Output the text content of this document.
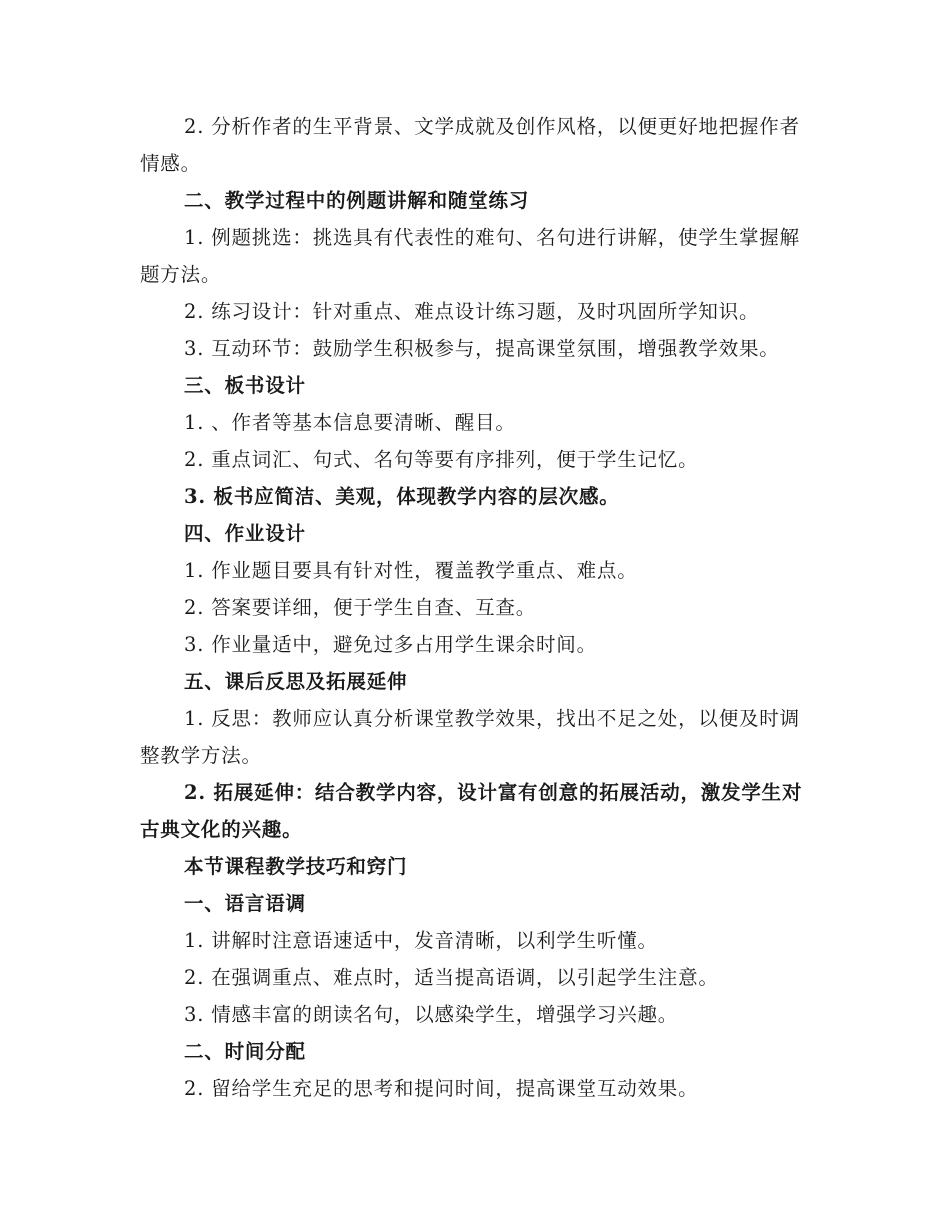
2. 分析作者的生平背景、文学成就及创作风格，以便更好地把握作者情感。

二、教学过程中的例题讲解和随堂练习

1. 例题挑选：挑选具有代表性的难句、名句进行讲解，使学生掌握解题方法。

2. 练习设计：针对重点、难点设计练习题，及时巩固所学知识。

3. 互动环节：鼓励学生积极参与，提高课堂氛围，增强教学效果。

三、板书设计

1. 、作者等基本信息要清晰、醒目。

2. 重点词汇、句式、名句等要有序排列，便于学生记忆。

3. 板书应简洁、美观，体现教学内容的层次感。

四、作业设计

1. 作业题目要具有针对性，覆盖教学重点、难点。

2. 答案要详细，便于学生自查、互查。

3. 作业量适中，避免过多占用学生课余时间。

五、课后反思及拓展延伸

1. 反思：教师应认真分析课堂教学效果，找出不足之处，以便及时调整教学方法。

2. 拓展延伸：结合教学内容，设计富有创意的拓展活动，激发学生对古典文化的兴趣。

本节课程教学技巧和窍门

一、语言语调

1. 讲解时注意语速适中，发音清晰，以利学生听懂。

2. 在强调重点、难点时，适当提高语调，以引起学生注意。

3. 情感丰富的朗读名句，以感染学生，增强学习兴趣。

二、时间分配

2. 留给学生充足的思考和提问时间，提高课堂互动效果。
